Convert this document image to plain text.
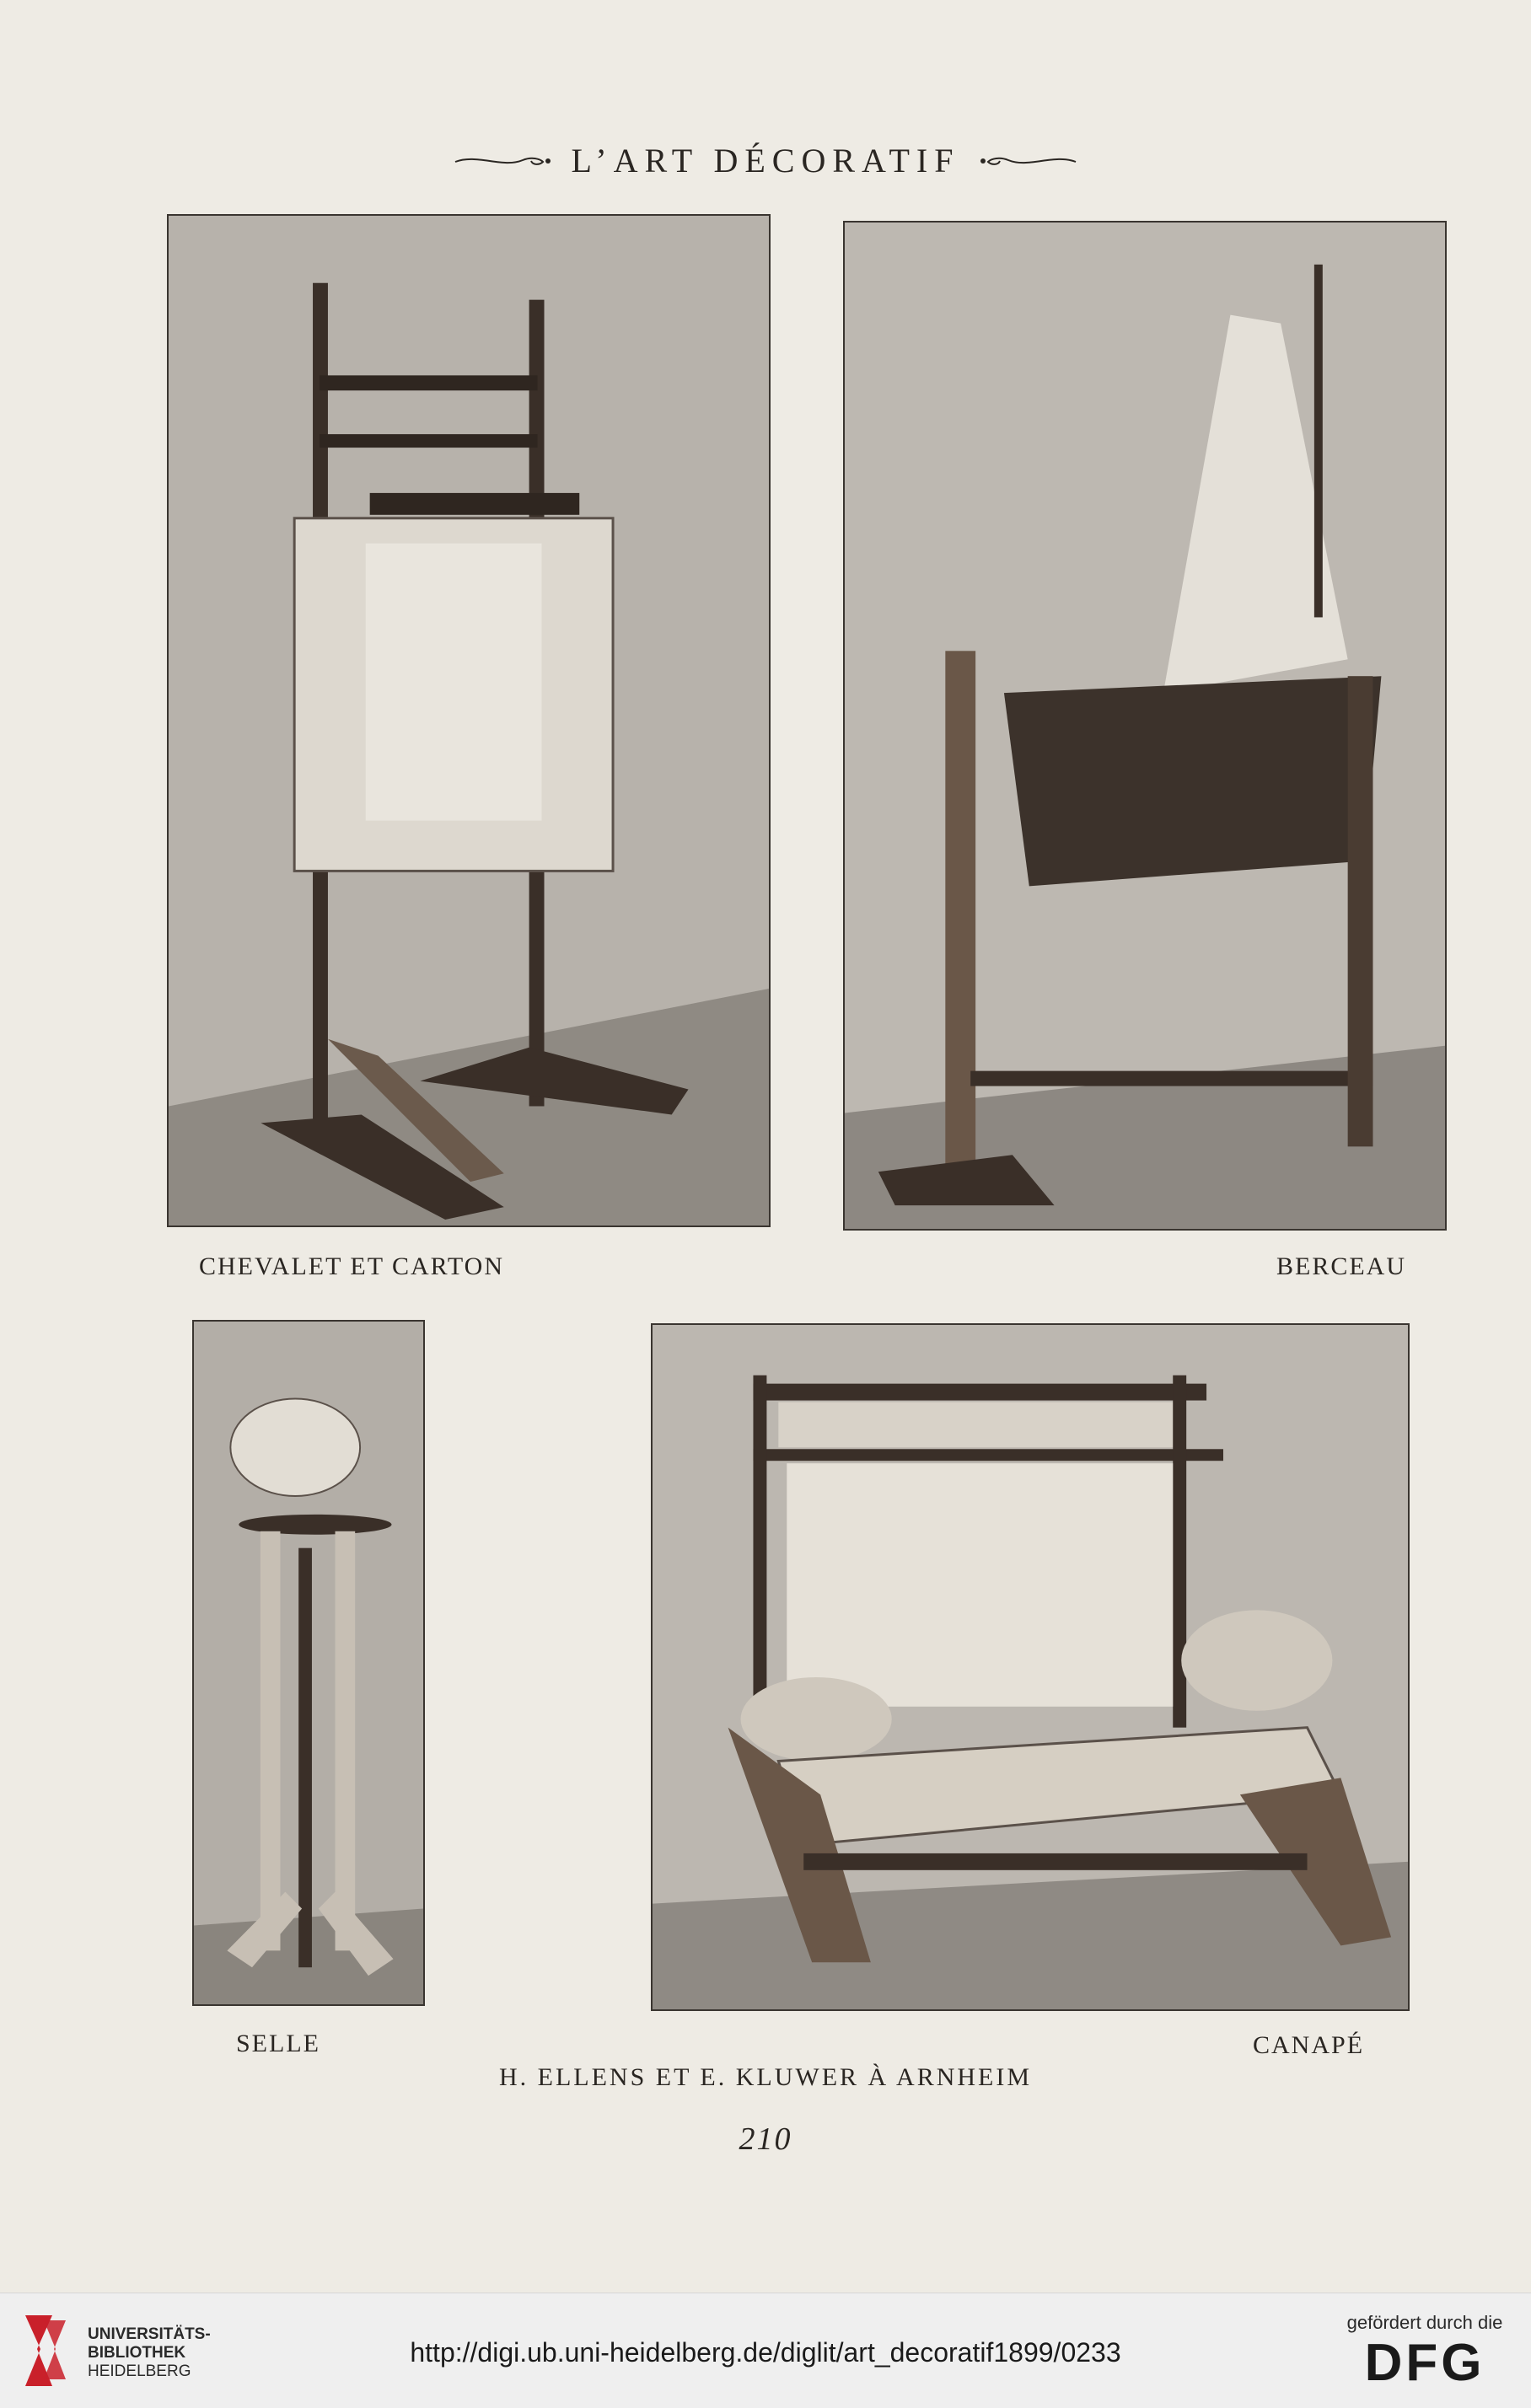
L’ART DÉCORATIF
CHEVALET ET CARTON	BERCEAU
SELLE	CANAPÉ
H. ELLENS ET E. KLUWER À ARNHEIM
210
UNIVERSITÄTS-
BIBLIOTHEK
HEIDELBERG
http://digi.ub.uni-heidelberg.de/diglit/art_decoratif1899/0233
gefördert durch die
DFG
